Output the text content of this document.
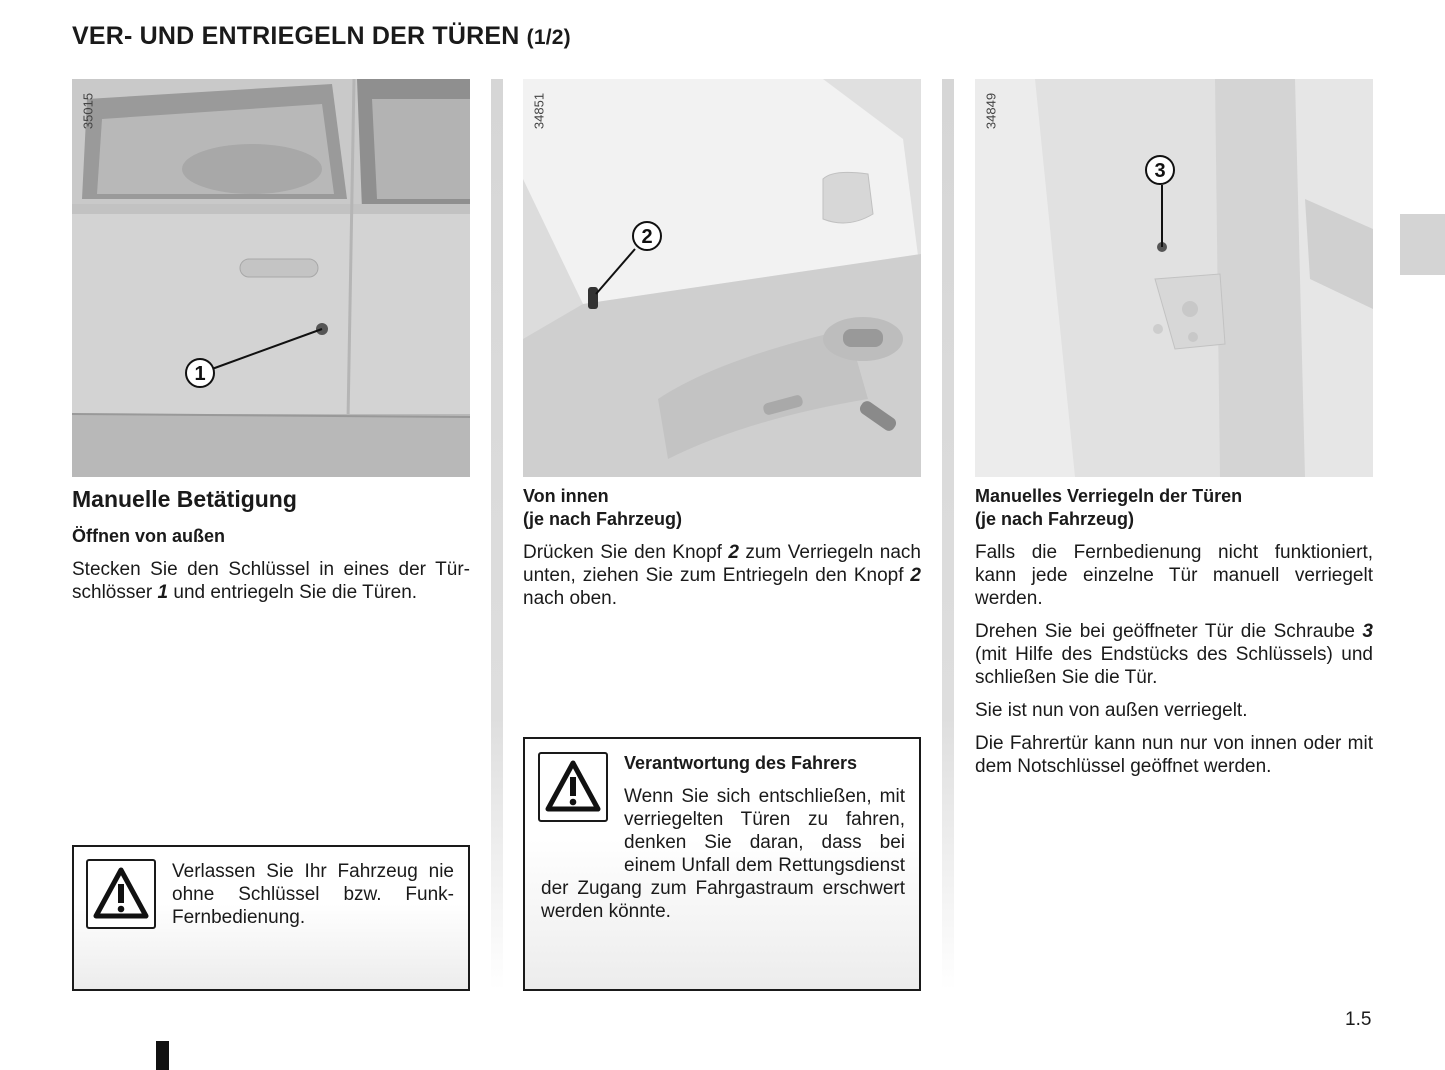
VER- UND ENTRIEGELN DER TÜREN (1/2)
1
35015
2
34851
3
34849
Manuelle Betätigung
Öffnen von außen

Stecken Sie den Schlüssel in eines der Tür-schlösser 1 und entriegeln Sie die Türen.

Verlassen Sie Ihr Fahrzeug nie ohne Schlüssel bzw. Funk-Fernbedienung.
Von innen
(je nach Fahrzeug)

Drücken Sie den Knopf 2 zum Verriegeln nach unten, ziehen Sie zum Entriegeln den Knopf 2 nach oben.

Verantwortung des Fahrers
Wenn Sie sich entschließen, mit verriegelten Türen zu fahren, denken Sie daran, dass bei einem Unfall dem Rettungsdienst der Zugang zum Fahrgastraum erschwert werden könnte.
Manuelles Verriegeln der Türen
(je nach Fahrzeug)

Falls die Fernbedienung nicht funktioniert, kann jede einzelne Tür manuell verriegelt werden.

Drehen Sie bei geöffneter Tür die Schraube 3 (mit Hilfe des Endstücks des Schlüssels) und schließen Sie die Tür.

Sie ist nun von außen verriegelt.

Die Fahrertür kann nun nur von innen oder mit dem Notschlüssel geöffnet werden.

1.5
